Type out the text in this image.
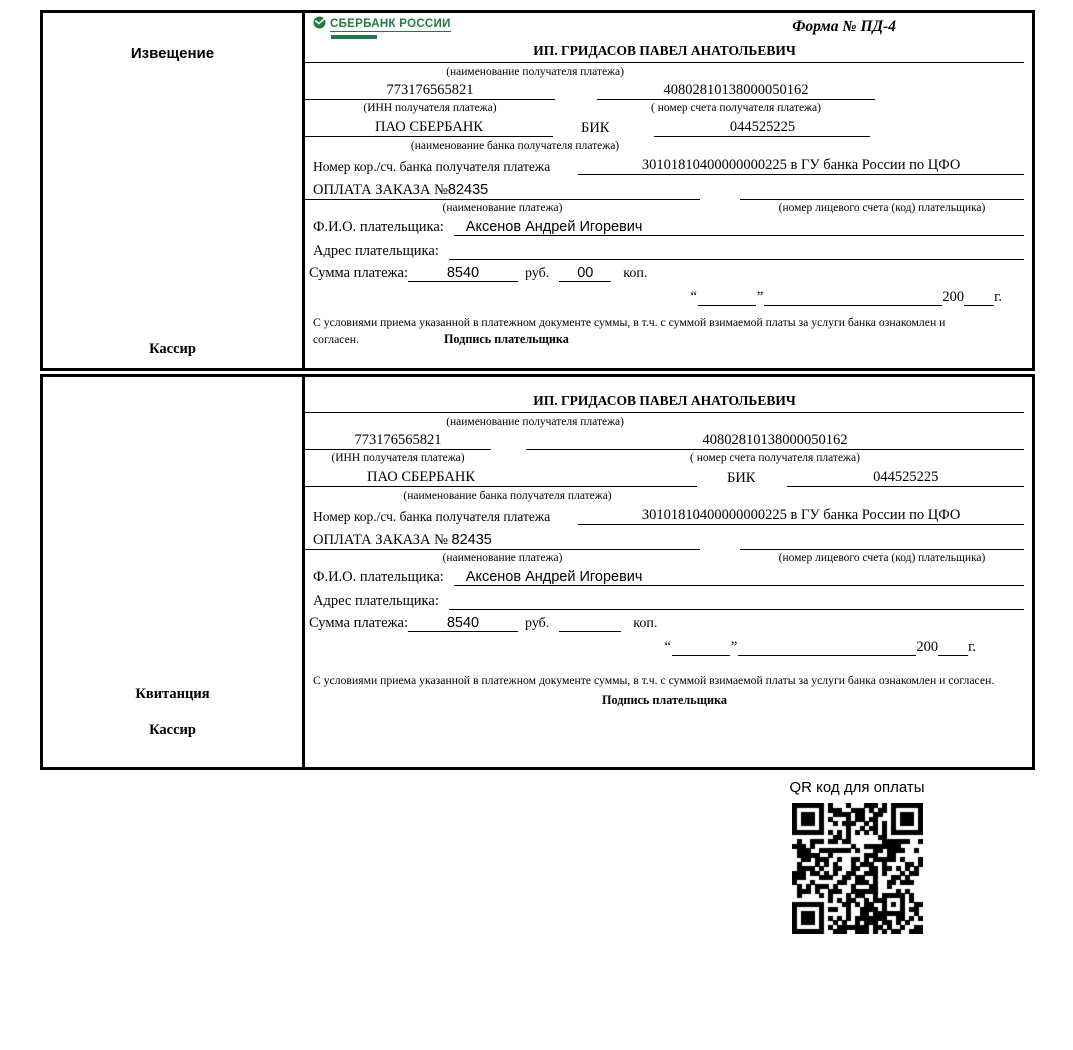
Извещение
Кассир
СБЕРБАНК РОССИИ	Форма № ПД-4
ИП. ГРИДАСОВ ПАВЕЛ АНАТОЛЬЕВИЧ
(наименование получателя платежа)
773176565821	40802810138000050162
(ИНН получателя платежа)	( номер счета получателя платежа)
ПАО СБЕРБАНК	БИК	044525225
(наименование банка получателя платежа)
Номер кор./сч. банка получателя платежа	30101810400000000225 в ГУ банка России по ЦФО
ОПЛАТА ЗАКАЗА №82435
(наименование платежа)	(номер лицевого счета (код) плательщика)
Ф.И.О. плательщика:	Аксенов Андрей Игоревич
Адрес плательщика:
Сумма платежа:	8540	руб.	00	коп.
“	”	200 г.
С условиями приема указанной в платежном документе суммы, в т.ч. с суммой взимаемой платы за услуги банка ознакомлен и согласен.	Подпись плательщика
Квитанция
Кассир
ИП. ГРИДАСОВ ПАВЕЛ АНАТОЛЬЕВИЧ
(наименование получателя платежа)
773176565821	40802810138000050162
(ИНН получателя платежа)	( номер счета получателя платежа)
ПАО СБЕРБАНК	БИК	044525225
(наименование банка получателя платежа)
Номер кор./сч. банка получателя платежа	30101810400000000225 в ГУ банка России по ЦФО
ОПЛАТА ЗАКАЗА № 82435
(наименование платежа)	(номер лицевого счета (код) плательщика)
Ф.И.О. плательщика:	Аксенов Андрей Игоревич
Адрес плательщика:
Сумма платежа:	8540	руб.	коп.
“	”	200 г.
С условиями приема указанной в платежном документе суммы, в т.ч. с суммой взимаемой платы за услуги банка ознакомлен и согласен.
Подпись плательщика
QR код для оплаты
